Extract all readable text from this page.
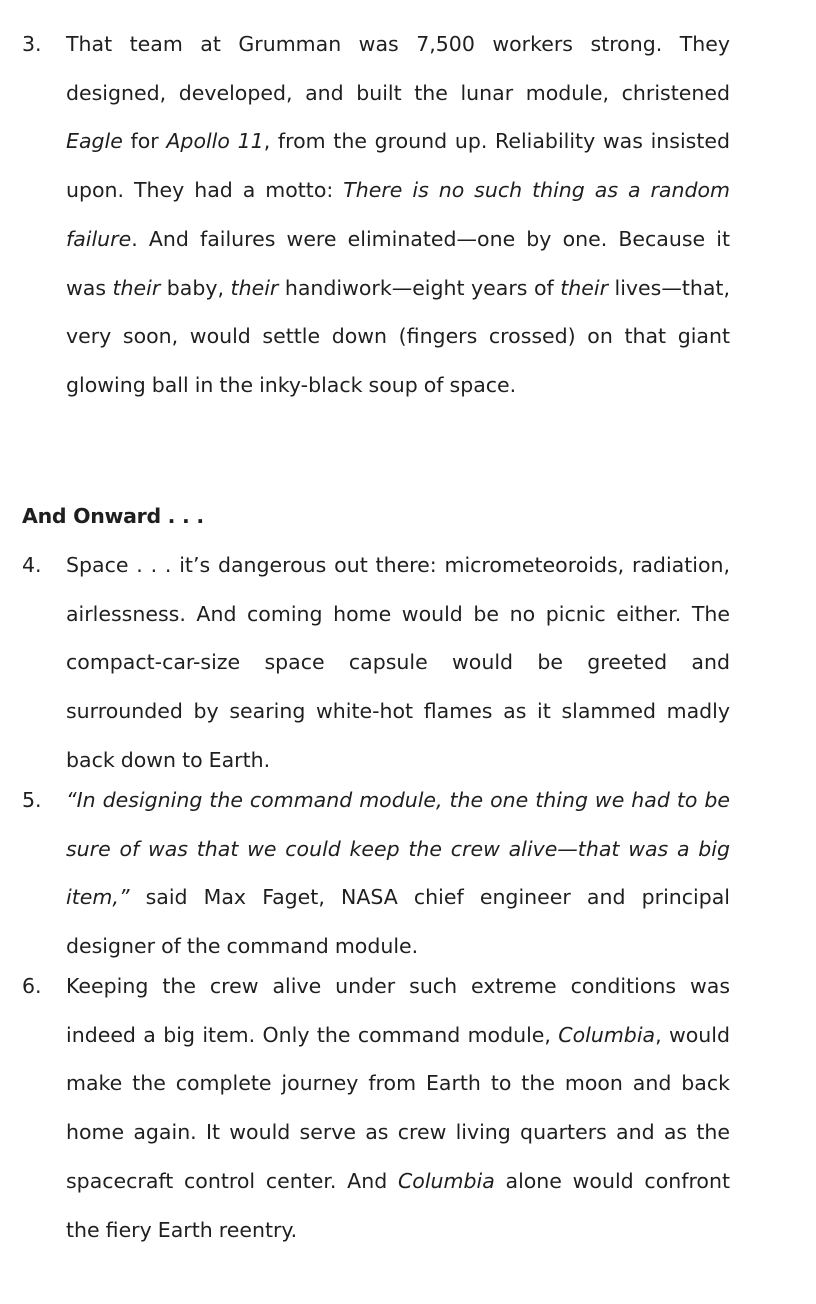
3.	That team at Grumman was 7,500 workers strong. They designed, developed, and built the lunar module, christened Eagle for Apollo 11, from the ground up. Reliability was insisted upon. They had a motto: There is no such thing as a random failure. And failures were eliminated—one by one. Because it was their baby, their handiwork—eight years of their lives—that, very soon, would settle down (fingers crossed) on that giant glowing ball in the inky-black soup of space.
And Onward . . .
4.	Space . . . it’s dangerous out there: micrometeoroids, radiation, airlessness. And coming home would be no picnic either. The compact-car-size space capsule would be greeted and surrounded by searing white-hot flames as it slammed madly back down to Earth.
5.	“In designing the command module, the one thing we had to be sure of was that we could keep the crew alive—that was a big item,” said Max Faget, NASA chief engineer and principal designer of the command module.
6.	Keeping the crew alive under such extreme conditions was indeed a big item. Only the command module, Columbia, would make the complete journey from Earth to the moon and back home again. It would serve as crew living quarters and as the spacecraft control center. And Columbia alone would confront the fiery Earth reentry.
